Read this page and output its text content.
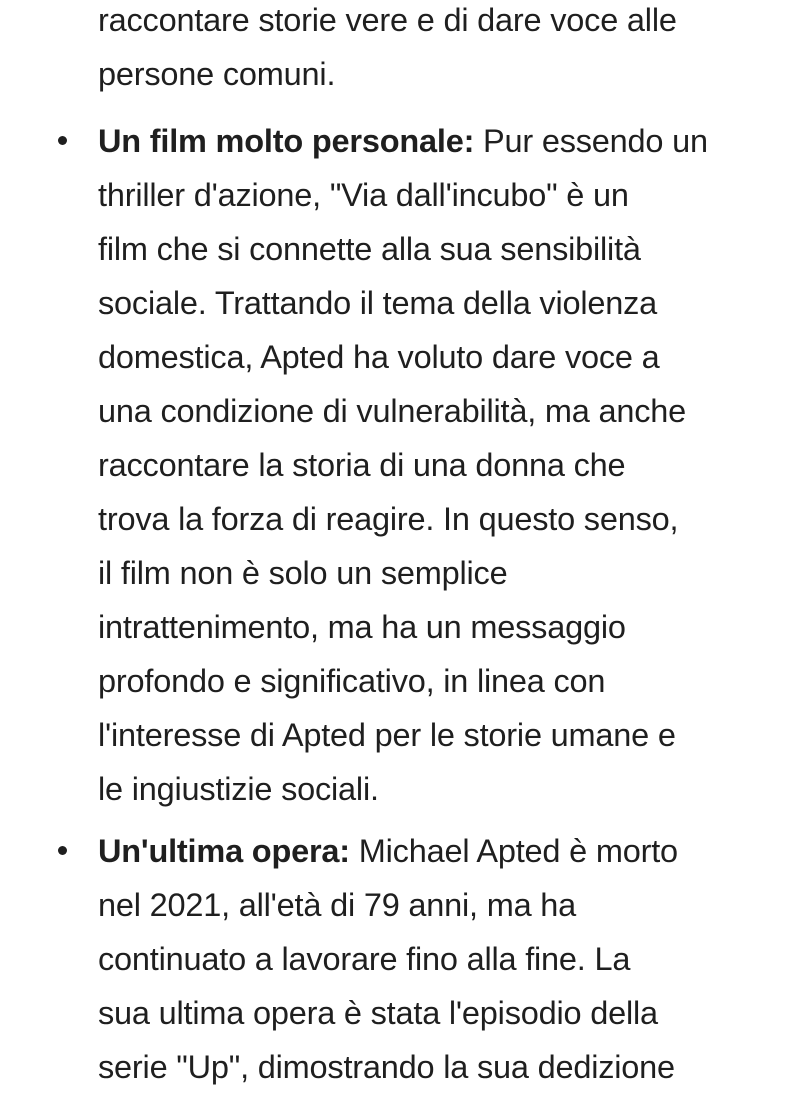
raccontare storie vere e di dare voce alle
persone comuni.
Un film molto personale: Pur essendo un
thriller d'azione, "Via dall'incubo" è un
film che si connette alla sua sensibilità
sociale. Trattando il tema della violenza
domestica, Apted ha voluto dare voce a
una condizione di vulnerabilità, ma anche
raccontare la storia di una donna che
trova la forza di reagire. In questo senso,
il film non è solo un semplice
intrattenimento, ma ha un messaggio
profondo e significativo, in linea con
l'interesse di Apted per le storie umane e
le ingiustizie sociali.
Un'ultima opera: Michael Apted è morto
nel 2021, all'età di 79 anni, ma ha
continuato a lavorare fino alla fine. La
sua ultima opera è stata l'episodio della
serie "Up", dimostrando la sua dedizione
